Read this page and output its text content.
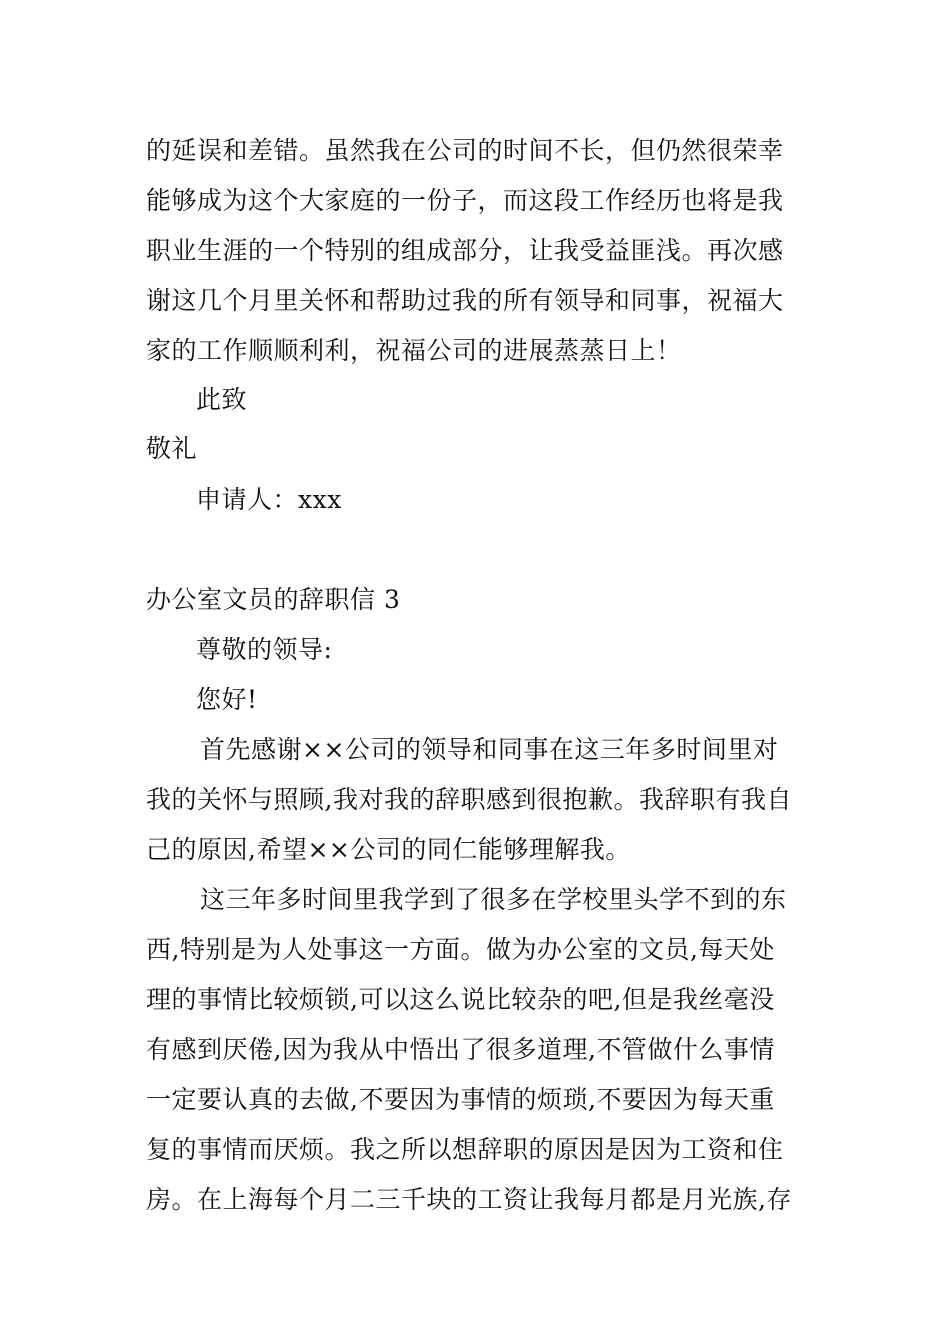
的延误和差错。虽然我在公司的时间不长，但仍然很荣幸
能够成为这个大家庭的一份子，而这段工作经历也将是我
职业生涯的一个特别的组成部分，让我受益匪浅。再次感
谢这几个月里关怀和帮助过我的所有领导和同事，祝福大
家的工作顺顺利利，祝福公司的进展蒸蒸日上！
此致
敬礼
申请人：xxx
办公室文员的辞职信 3
尊敬的领导:
您好!
首先感谢××公司的领导和同事在这三年多时间里对
我的关怀与照顾,我对我的辞职感到很抱歉。我辞职有我自
己的原因,希望××公司的同仁能够理解我。
这三年多时间里我学到了很多在学校里头学不到的东
西,特别是为人处事这一方面。做为办公室的文员,每天处
理的事情比较烦锁,可以这么说比较杂的吧,但是我丝毫没
有感到厌倦,因为我从中悟出了很多道理,不管做什么事情
一定要认真的去做,不要因为事情的烦琐,不要因为每天重
复的事情而厌烦。我之所以想辞职的原因是因为工资和住
房。在上海每个月二三千块的工资让我每月都是月光族,存
